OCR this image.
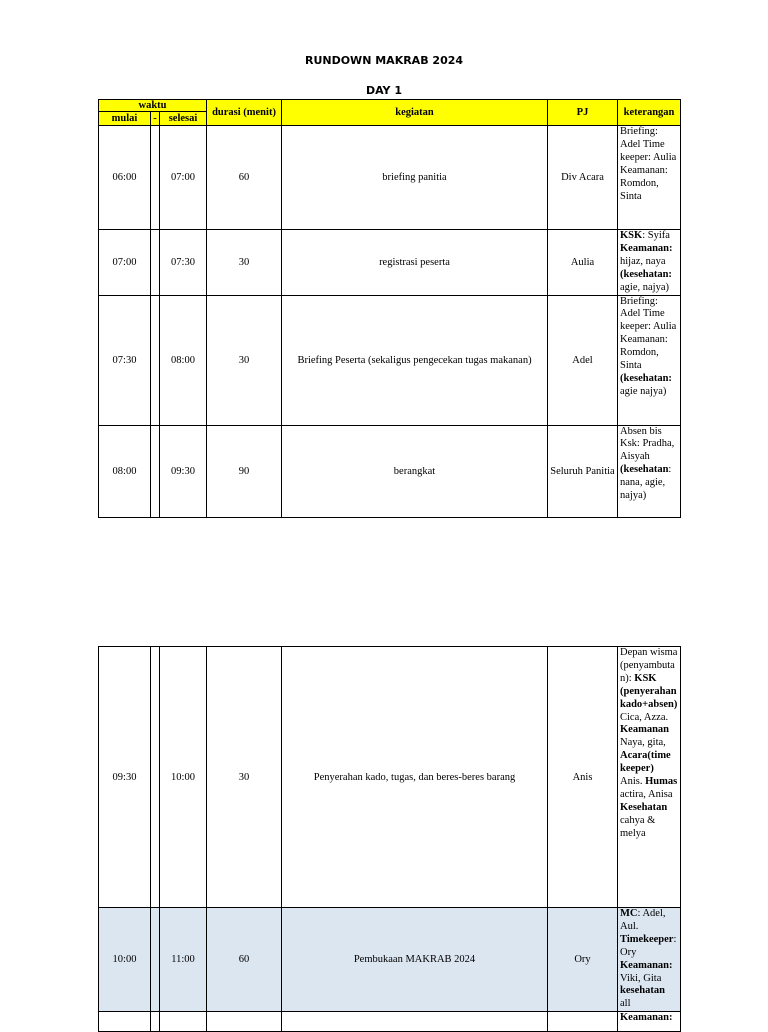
RUNDOWN MAKRAB 2024
DAY 1
waktu			durasi (menit)	kegiatan	PJ	keterangan
mulai	-	selesai				
06:00		07:00	60	briefing panitia	Div Acara	Briefing: Adel Time keeper: Aulia Keamanan: Romdon, Sinta
07:00		07:30	30	registrasi peserta	Aulia	KSK: Syifa Keamanan: hijaz, naya (kesehatan: agie, najya)
07:30		08:00	30	Briefing Peserta (sekaligus pengecekan tugas makanan)	Adel	Briefing: Adel Time keeper: Aulia Keamanan: Romdon, Sinta (kesehatan: agie najya)
08:00		09:30	90	berangkat	Seluruh Panitia	Absen bis Ksk: Pradha, Aisyah (kesehatan: nana, agie, najya)
09:30		10:00	30	Penyerahan kado, tugas, dan beres-beres barang	Anis	Depan wisma (penyambutan): KSK (penyerahan kado+absen) Cica, Azza. Keamanan Naya, gita, Acara(time keeper) Anis. Humas actira, Anisa Kesehatan cahya & melya
10:00		11:00	60	Pembukaan MAKRAB 2024	Ory	MC: Adel, Aul. Timekeeper: Ory Keamanan: Viki, Gita kesehatan all
						Keamanan:
